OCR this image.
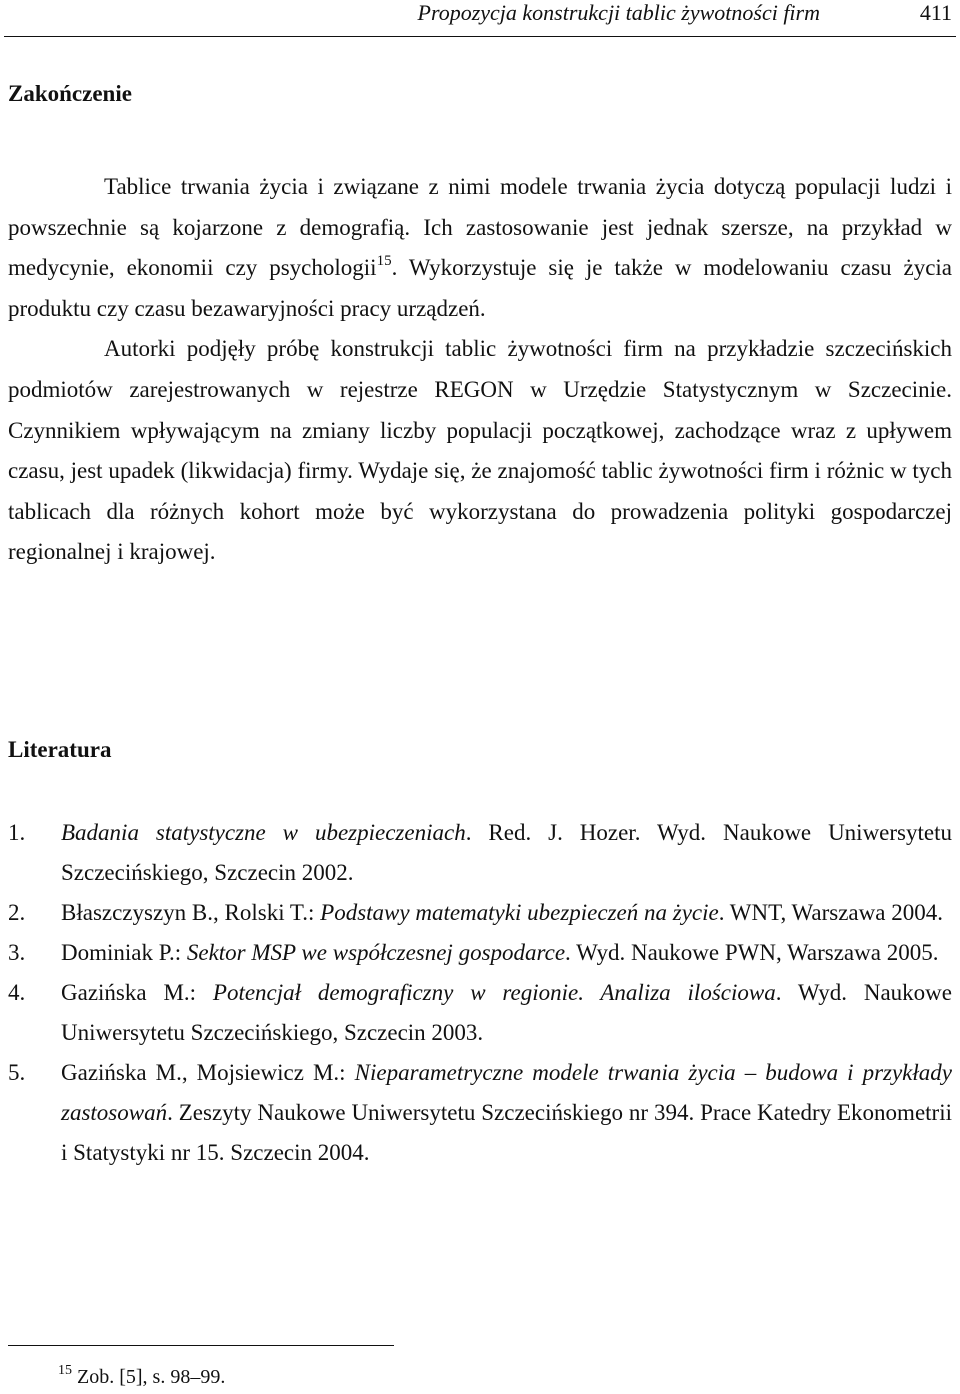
Propozycja konstrukcji tablic żywotności firm	411
Zakończenie

Tablice trwania życia i związane z nimi modele trwania życia dotyczą populacji ludzi i powszechnie są kojarzone z demografią. Ich zastosowanie jest jednak szersze, na przykład w medycynie, ekonomii czy psychologii$^{15}$. Wykorzystuje się je także w modelowaniu czasu życia produktu czy czasu bezawaryjności pracy urządzeń.

Autorki podjęły próbę konstrukcji tablic żywotności firm na przykładzie szczecińskich podmiotów zarejestrowanych w rejestrze REGON w Urzędzie Statystycznym w Szczecinie. Czynnikiem wpływającym na zmiany liczby populacji początkowej, zachodzące wraz z upływem czasu, jest upadek (likwidacja) firmy. Wydaje się, że znajomość tablic żywotności firm i różnic w tych tablicach dla różnych kohort może być wykorzystana do prowadzenia polityki gospodarczej regionalnej i krajowej.

Literatura
1. Badania statystyczne w ubezpieczeniach. Red. J. Hozer. Wyd. Naukowe Uniwersytetu Szczecińskiego, Szczecin 2002.
2. Błaszczyszyn B., Rolski T.: Podstawy matematyki ubezpieczeń na życie. WNT, Warszawa 2004.
3. Dominiak P.: Sektor MSP we współczesnej gospodarce. Wyd. Naukowe PWN, Warszawa 2005.
4. Gazińska M.: Potencjał demograficzny w regionie. Analiza ilościowa. Wyd. Naukowe Uniwersytetu Szczecińskiego, Szczecin 2003.
5. Gazińska M., Mojsiewicz M.: Nieparametryczne modele trwania życia – budowa i przykłady zastosowań. Zeszyty Naukowe Uniwersytetu Szczecińskiego nr 394. Prace Katedry Ekonometrii i Statystyki nr 15. Szczecin 2004.
$^{15}$ Zob. [5], s. 98–99.
